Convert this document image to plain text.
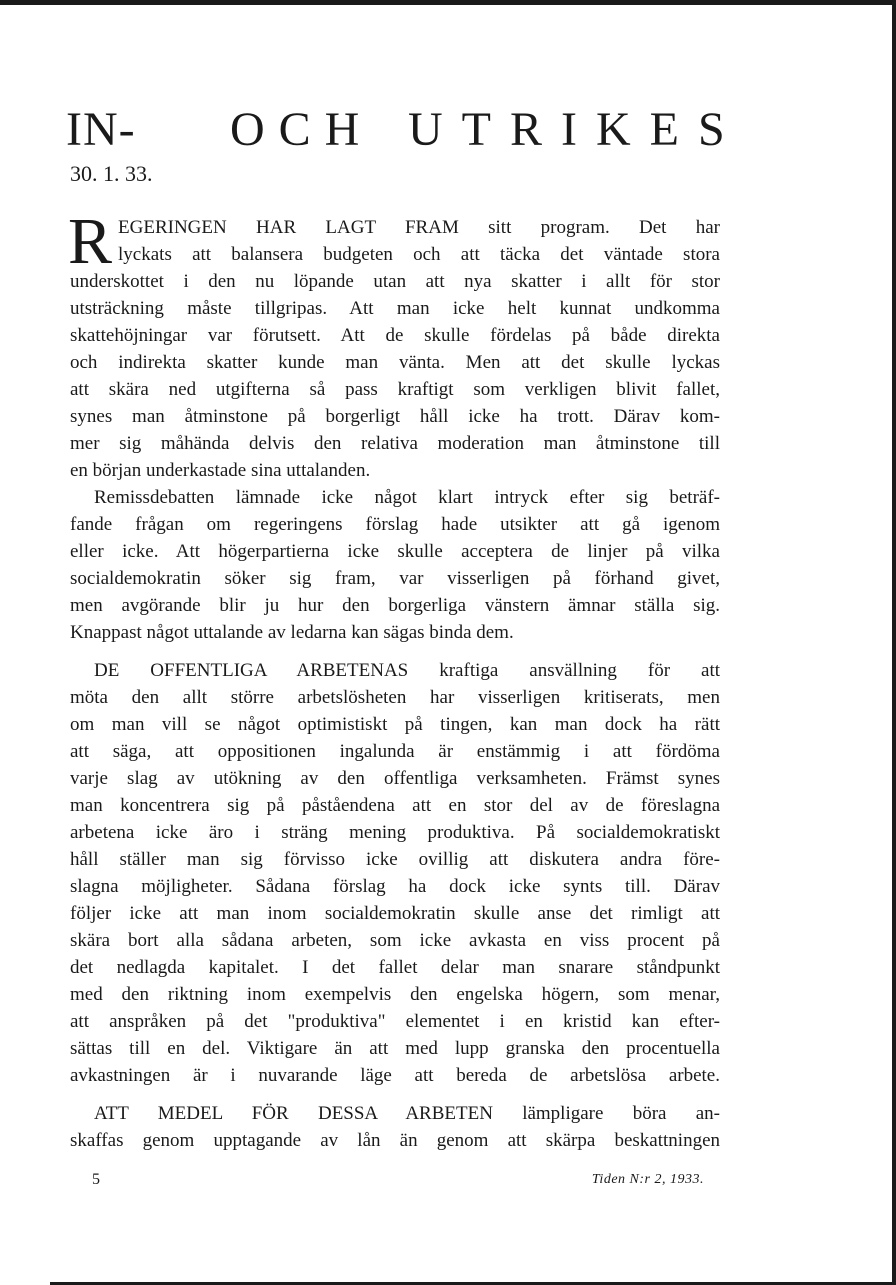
IN- OCH UTRIKES
30. 1. 33.
R EGERINGEN HAR LAGT FRAM sitt program. Det har
lyckats att balansera budgeten och att täcka det väntade stora
underskottet i den nu löpande utan att nya skatter i allt för stor
utsträckning måste tillgripas. Att man icke helt kunnat undkomma
skattehöjningar var förutsett. Att de skulle fördelas på både direkta
och indirekta skatter kunde man vänta. Men att det skulle lyckas
att skära ned utgifterna så pass kraftigt som verkligen blivit fallet,
synes man åtminstone på borgerligt håll icke ha trott. Därav kom-
mer sig måhända delvis den relativa moderation man åtminstone till
en början underkastade sina uttalanden.
Remissdebatten lämnade icke något klart intryck efter sig beträf-
fande frågan om regeringens förslag hade utsikter att gå igenom
eller icke. Att högerpartierna icke skulle acceptera de linjer på vilka
socialdemokratin söker sig fram, var visserligen på förhand givet,
men avgörande blir ju hur den borgerliga vänstern ämnar ställa sig.
Knappast något uttalande av ledarna kan sägas binda dem.
DE OFFENTLIGA ARBETENAS kraftiga ansvällning för att
möta den allt större arbetslösheten har visserligen kritiserats, men
om man vill se något optimistiskt på tingen, kan man dock ha rätt
att säga, att oppositionen ingalunda är enstämmig i att fördöma
varje slag av utökning av den offentliga verksamheten. Främst synes
man koncentrera sig på påståendena att en stor del av de föreslagna
arbetena icke äro i sträng mening produktiva. På socialdemokratiskt
håll ställer man sig förvisso icke ovillig att diskutera andra före-
slagna möjligheter. Sådana förslag ha dock icke synts till. Därav
följer icke att man inom socialdemokratin skulle anse det rimligt att
skära bort alla sådana arbeten, som icke avkasta en viss procent på
det nedlagda kapitalet. I det fallet delar man snarare ståndpunkt
med den riktning inom exempelvis den engelska högern, som menar,
att anspråken på det "produktiva" elementet i en kristid kan efter-
sättas till en del. Viktigare än att med lupp granska den procentuella
avkastningen är i nuvarande läge att bereda de arbetslösa arbete.
ATT MEDEL FÖR DESSA ARBETEN lämpligare böra an-
skaffas genom upptagande av lån än genom att skärpa beskattningen
5	Tiden N:r 2, 1933.
